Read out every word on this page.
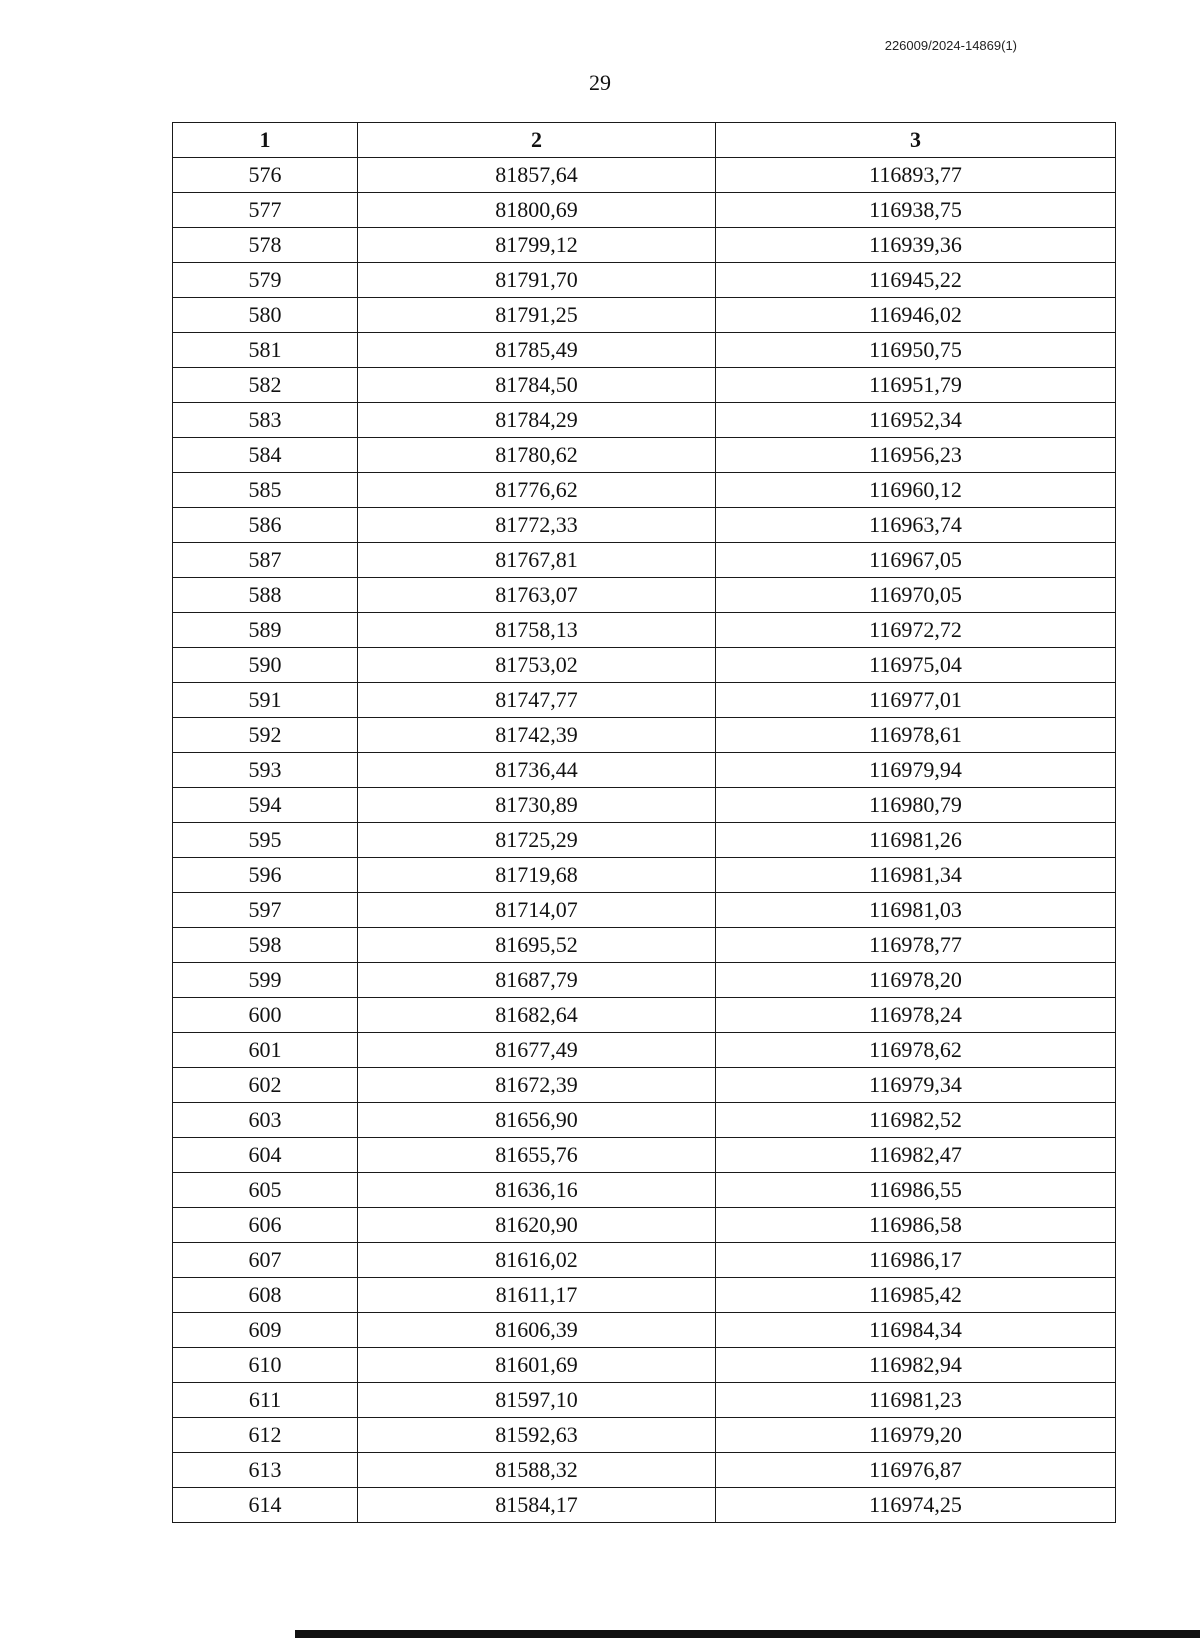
226009/2024-14869(1)
29
1	2	3
576	81857,64	116893,77
577	81800,69	116938,75
578	81799,12	116939,36
579	81791,70	116945,22
580	81791,25	116946,02
581	81785,49	116950,75
582	81784,50	116951,79
583	81784,29	116952,34
584	81780,62	116956,23
585	81776,62	116960,12
586	81772,33	116963,74
587	81767,81	116967,05
588	81763,07	116970,05
589	81758,13	116972,72
590	81753,02	116975,04
591	81747,77	116977,01
592	81742,39	116978,61
593	81736,44	116979,94
594	81730,89	116980,79
595	81725,29	116981,26
596	81719,68	116981,34
597	81714,07	116981,03
598	81695,52	116978,77
599	81687,79	116978,20
600	81682,64	116978,24
601	81677,49	116978,62
602	81672,39	116979,34
603	81656,90	116982,52
604	81655,76	116982,47
605	81636,16	116986,55
606	81620,90	116986,58
607	81616,02	116986,17
608	81611,17	116985,42
609	81606,39	116984,34
610	81601,69	116982,94
611	81597,10	116981,23
612	81592,63	116979,20
613	81588,32	116976,87
614	81584,17	116974,25
